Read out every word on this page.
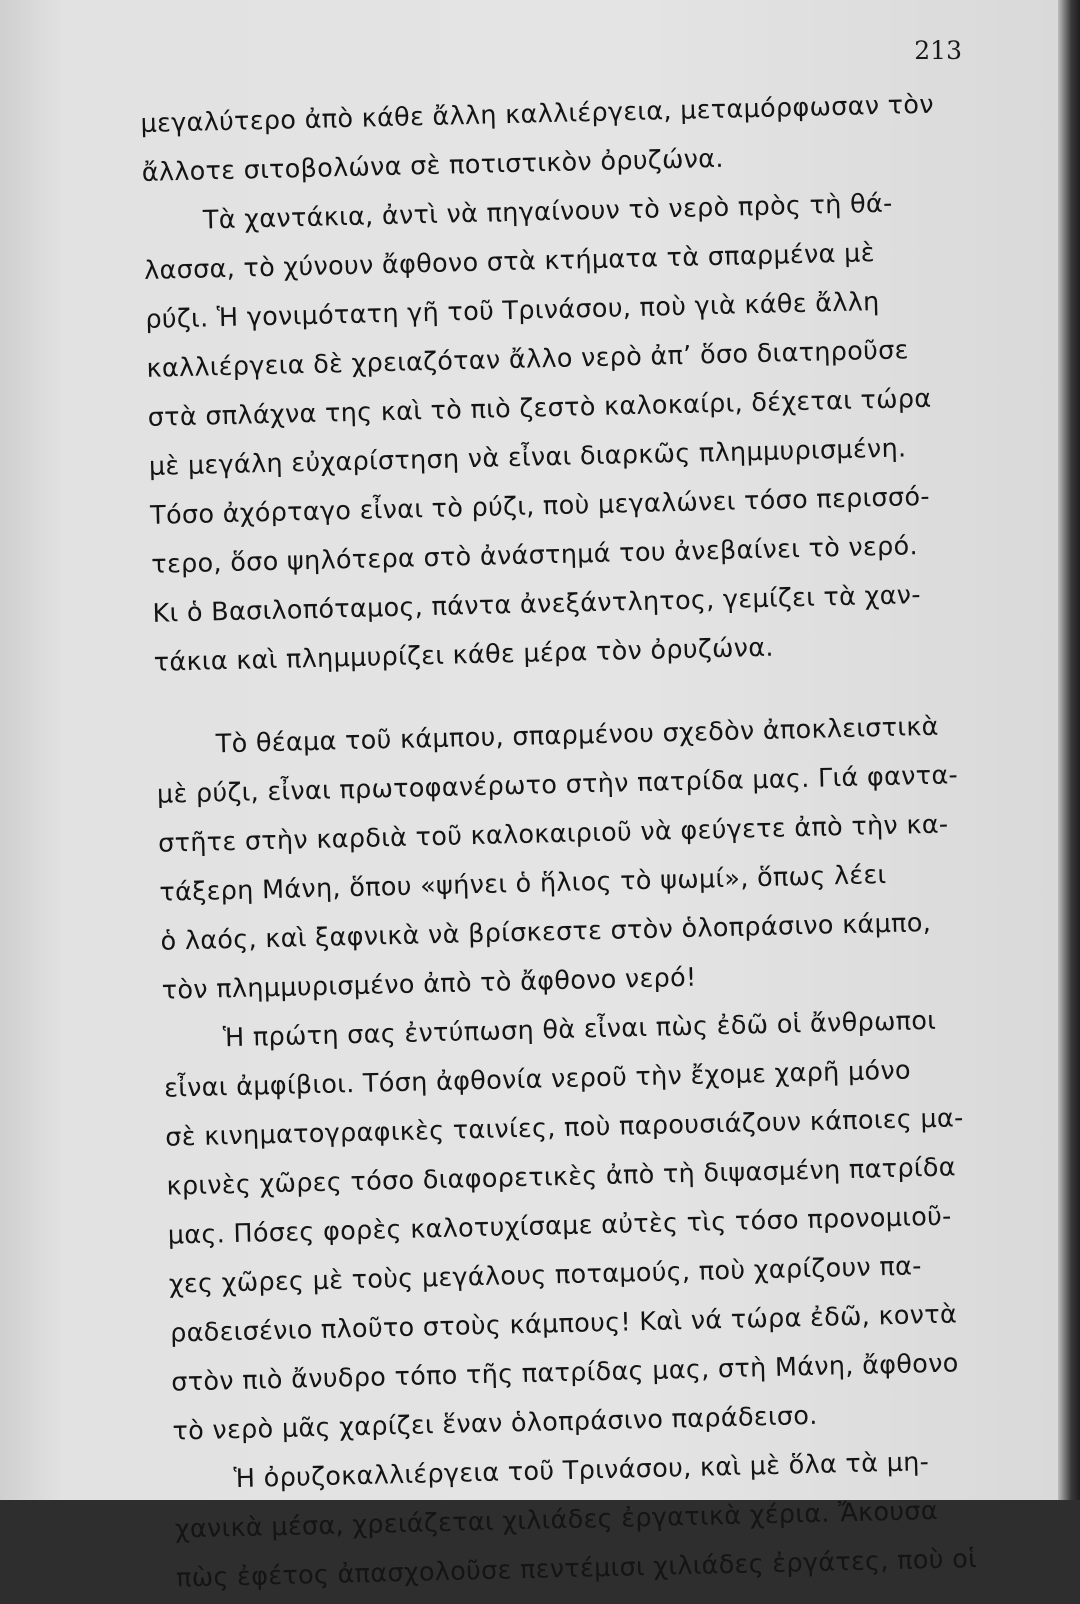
213
μεγαλύτερο ἀπὸ κάθε ἄλλη καλλιέργεια, μεταμόρφωσαν τὸν
ἄλλοτε σιτοβολώνα σὲ ποτιστικὸν ὀρυζώνα.
Τὰ χαντάκια, ἀντὶ νὰ πηγαίνουν τὸ νερὸ πρὸς τὴ θά-
λασσα, τὸ χύνουν ἄφθονο στὰ κτήματα τὰ σπαρμένα μὲ
ρύζι. Ἡ γονιμότατη γῆ τοῦ Τρινάσου, ποὺ γιὰ κάθε ἄλλη
καλλιέργεια δὲ χρειαζόταν ἄλλο νερὸ ἀπ’ ὅσο διατηροῦσε
στὰ σπλάχνα της καὶ τὸ πιὸ ζεστὸ καλοκαίρι, δέχεται τώρα
μὲ μεγάλη εὐχαρίστηση νὰ εἶναι διαρκῶς πλημμυρισμένη.
Τόσο ἀχόρταγο εἶναι τὸ ρύζι, ποὺ μεγαλώνει τόσο περισσό-
τερο, ὅσο ψηλότερα στὸ ἀνάστημά του ἀνεβαίνει τὸ νερό.
Κι ὁ Βασιλοπόταμος, πάντα ἀνεξάντλητος, γεμίζει τὰ χαν-
τάκια καὶ πλημμυρίζει κάθε μέρα τὸν ὀρυζώνα.
Τὸ θέαμα τοῦ κάμπου, σπαρμένου σχεδὸν ἀποκλειστικὰ
μὲ ρύζι, εἶναι πρωτοφανέρωτο στὴν πατρίδα μας. Γιά φαντα-
στῆτε στὴν καρδιὰ τοῦ καλοκαιριοῦ νὰ φεύγετε ἀπὸ τὴν κα-
τάξερη Μάνη, ὅπου «ψήνει ὁ ἥλιος τὸ ψωμί», ὅπως λέει
ὁ λαός, καὶ ξαφνικὰ νὰ βρίσκεστε στὸν ὁλοπράσινο κάμπο,
τὸν πλημμυρισμένο ἀπὸ τὸ ἄφθονο νερό!
Ἡ πρώτη σας ἐντύπωση θὰ εἶναι πὼς ἐδῶ οἱ ἄνθρωποι
εἶναι ἀμφίβιοι. Τόση ἀφθονία νεροῦ τὴν ἔχομε χαρῆ μόνο
σὲ κινηματογραφικὲς ταινίες, ποὺ παρουσιάζουν κάποιες μα-
κρινὲς χῶρες τόσο διαφορετικὲς ἀπὸ τὴ διψασμένη πατρίδα
μας. Πόσες φορὲς καλοτυχίσαμε αὐτὲς τὶς τόσο προνομιοῦ-
χες χῶρες μὲ τοὺς μεγάλους ποταμούς, ποὺ χαρίζουν πα-
ραδεισένιο πλοῦτο στοὺς κάμπους! Καὶ νά τώρα ἐδῶ, κοντὰ
στὸν πιὸ ἄνυδρο τόπο τῆς πατρίδας μας, στὴ Μάνη, ἄφθονο
τὸ νερὸ μᾶς χαρίζει ἕναν ὁλοπράσινο παράδεισο.
Ἡ ὀρυζοκαλλιέργεια τοῦ Τρινάσου, καὶ μὲ ὅλα τὰ μη-
χανικὰ μέσα, χρειάζεται χιλιάδες ἐργατικὰ χέρια. Ἄκουσα
πὼς ἐφέτος ἀπασχολοῦσε πεντέμισι χιλιάδες ἐργάτες, ποὺ οἱ
